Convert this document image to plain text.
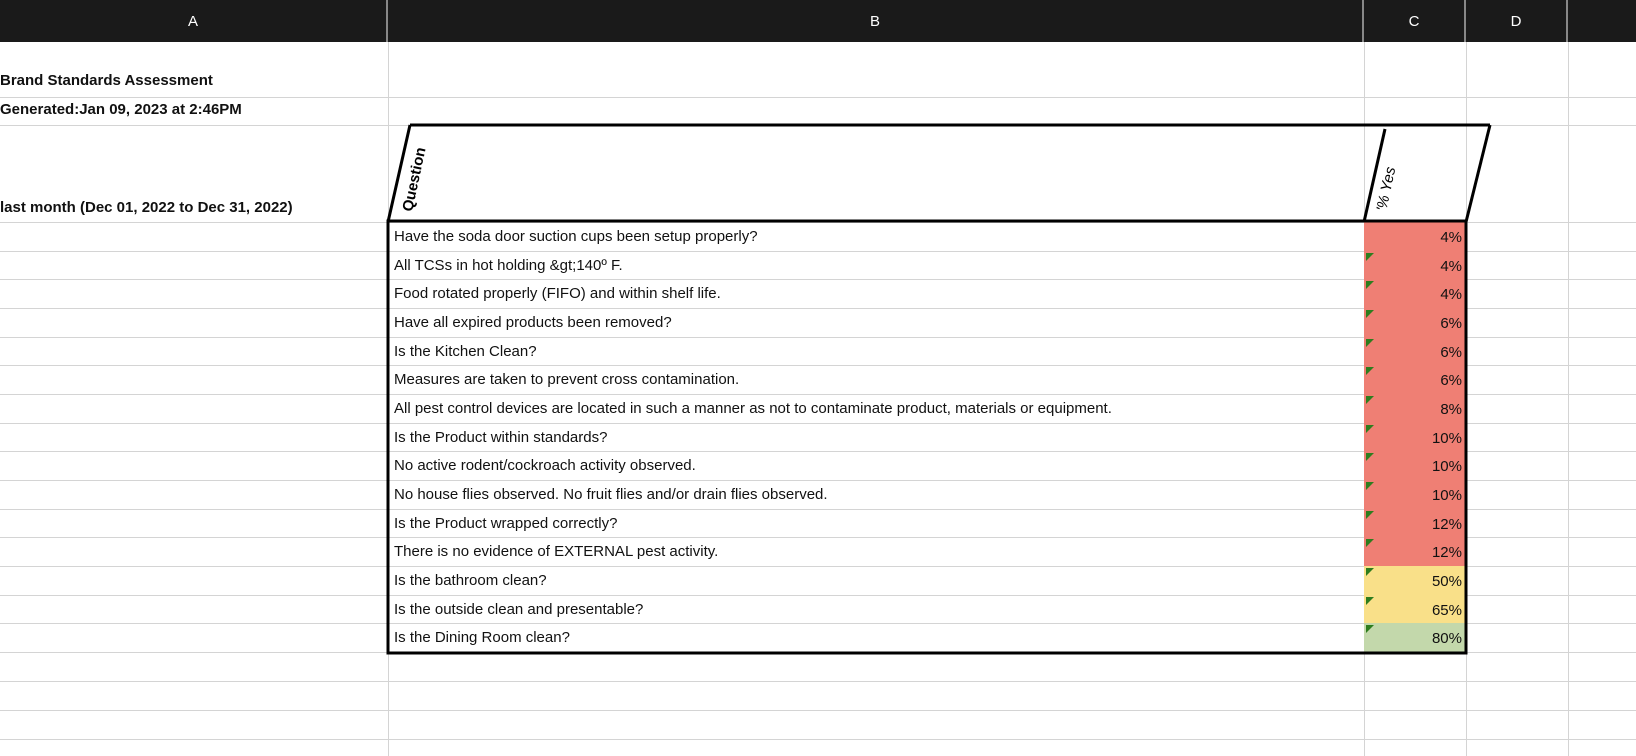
A	B	C	D
Brand Standards Assessment
Generated:Jan 09, 2023 at 2:46PM
last month (Dec 01, 2022 to Dec 31, 2022)
Have the soda door suction cups been setup properly?	4%
All TCSs in hot holding &gt;140º F.	4%
Food rotated properly (FIFO) and within shelf life.	4%
Have all expired products been removed?	6%
Is the Kitchen Clean?	6%
Measures are taken to prevent cross contamination.	6%
All pest control devices are located in such a manner as not to contaminate product, materials or equipment.	8%
Is the Product within standards?	10%
No active rodent/cockroach activity observed.	10%
No house flies observed. No fruit flies and/or drain flies observed.	10%
Is the Product wrapped correctly?	12%
There is no evidence of EXTERNAL pest activity.	12%
Is the bathroom clean?	50%
Is the outside clean and presentable?	65%
Is the Dining Room clean?	80%
Question	'% Yes
